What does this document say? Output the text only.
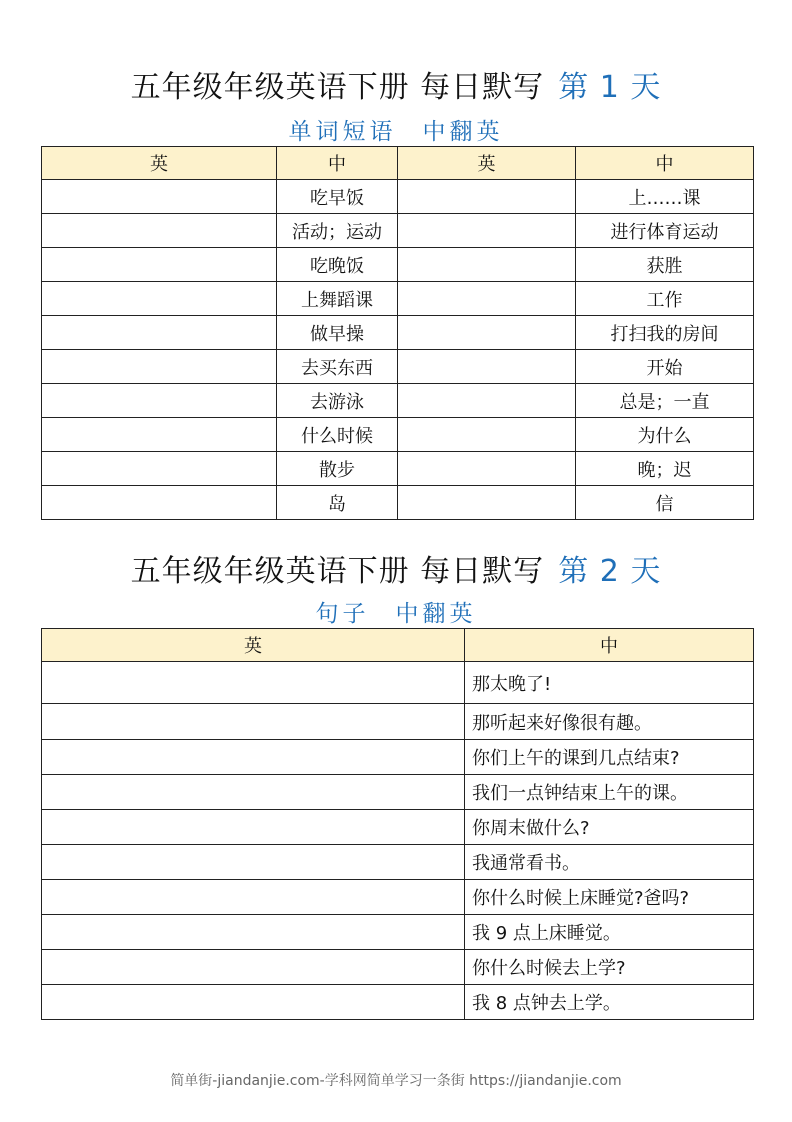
五年级年级英语下册 每日默写 第 1 天
单词短语 中翻英
英	中	英	中
	吃早饭		上……课
	活动；运动		进行体育运动
	吃晚饭		获胜
	上舞蹈课		工作
	做早操		打扫我的房间
	去买东西		开始
	去游泳		总是；一直
	什么时候		为什么
	散步		晚；迟
	岛		信
五年级年级英语下册 每日默写 第 2 天
句子 中翻英
英	中
	那太晚了!
	那听起来好像很有趣。
	你们上午的课到几点结束?
	我们一点钟结束上午的课。
	你周末做什么?
	我通常看书。
	你什么时候上床睡觉?爸吗?
	我 9 点上床睡觉。
	你什么时候去上学?
	我 8 点钟去上学。
简单街-jiandanjie.com-学科网简单学习一条街 https://jiandanjie.com
